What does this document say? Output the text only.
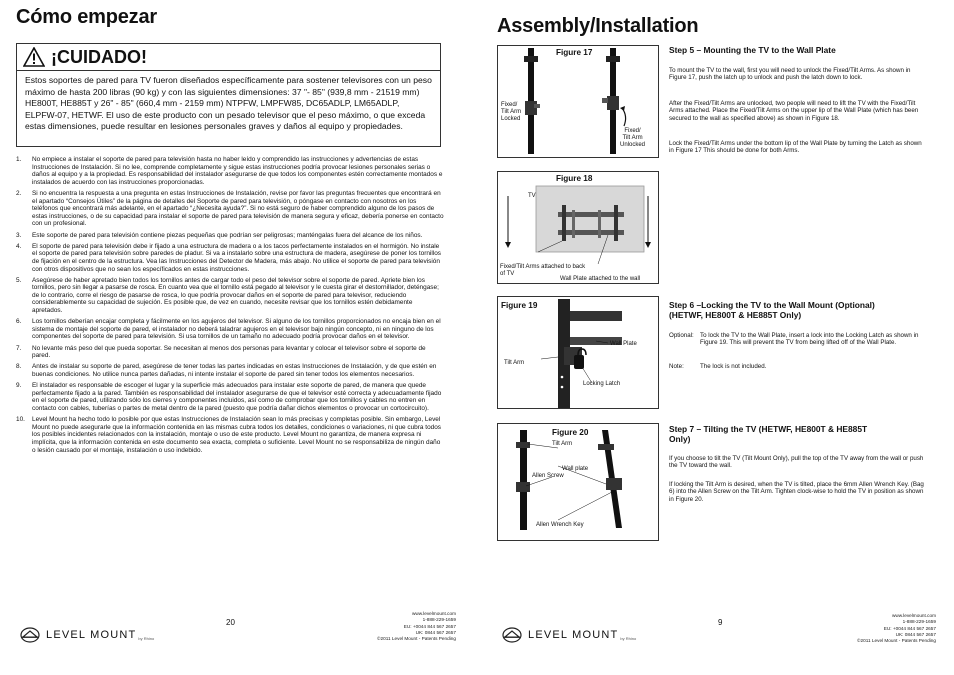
Cómo empezar
¡CUIDADO!
Estos soportes de pared para TV fueron diseñados específicamente para sostener televisores con un peso máximo de hasta 200 libras (90 kg) y con las siguientes dimensiones: 37 "- 85" (939,8 mm - 21519 mm) HE800T, HE885T y 26" - 85" (660,4 mm - 2159 mm) NTPFW, LMPFW85, DC65ADLP, LM65ADLP, ELPFW-07, HETWF. El uso de este producto con un pesado televisor que el peso máximo, o que exceda estas dimensiones, puede resultar en lesiones personales graves y daños al equipo y propiedades.
1.	No empiece a instalar el soporte de pared para televisión hasta no haber leído y comprendido las instrucciones y advertencias de estas Instrucciones de Instalación. Si no lee, comprende completamente y sigue estas instrucciones podría provocar lesiones personales serias o daños al equipo y a la propiedad. Es responsabilidad del instalador asegurarse de que todos los componentes estén correctamente montados e instalados de acuerdo con las instrucciones proporcionadas.
2.	Si no encuentra la respuesta a una pregunta en estas Instrucciones de Instalación, revise por favor las preguntas frecuentes que encontrará en el apartado “Consejos Útiles” de la página de detalles del Soporte de pared para televisión, o póngase en contacto con nosotros en los teléfonos que encontrará más adelante, en el apartado “¿Necesita ayuda?”. Si no está seguro de haber comprendido alguno de los pasos de estas instrucciones, o de su capacidad para instalar el soporte de pared para televisión de manera segura y eficaz, debería ponerse en contacto con un profesional.
3.	Este soporte de pared para televisión contiene piezas pequeñas que podrían ser peligrosas; manténgalas fuera del alcance de los niños.
4.	El soporte de pared para televisión debe ir fijado a una estructura de madera o a los tacos perfectamente instalados en el hormigón. No instale el soporte de pared para televisión sobre paredes de pladur. Si va a instalarlo sobre una estructura de madera, asegúrese de poner los tornillos de fijación en el centro de la estructura. Vea las Instrucciones del Detector de Madera, más abajo. No utilice el soporte de pared para televisión con otros dispositivos que no sean los específicados en estas instrucciones.
5.	Asegúrese de haber apretado bien todos los tornillos antes de cargar todo el peso del televisor sobre el soporte de pared. Apriete bien los tornillos, pero sin llegar a pasarse de rosca. En cuanto vea que el tornillo está pegado al televisor y le cuesta girar el destornillador, deténgase; de lo contrario, corre el riesgo de pasarse de rosca, lo que podría provocar daños en el soporte de pared para televisor, reduciendo considerablemente su capacidad de sujeción. Es posible que, de vez en cuando, necesite revisar que los tornillos estén debidamente apretados.
6.	Los tornillos deberían encajar completa y fácilmente en los agujeros del televisor. Si alguno de los tornillos proporcionados no encaja bien en el sistema de montaje del soporte de pared, el instalador no deberá taladrar agujeros en el televisor bajo ningún concepto, ni en ninguno de los componentes del soporte de pared para televisión. Si usa tornillos de un tamaño no adecuado podría provocar daños en el televisor.
7.	No levante más peso del que pueda soportar. Se necesitan al menos dos personas para levantar y colocar el televisor sobre el soporte de pared.
8.	Antes de instalar su soporte de pared, asegúrese de tener todas las partes indicadas en estas Instrucciones de Instalación, y de que estén en buenas condiciones. No utilice nunca partes dañadas, ni intente instalar el soporte de pared sin tener todos los elementos necesarios.
9.	El instalador es responsable de escoger el lugar y la superficie más adecuados para instalar este soporte de pared, de manera que quede perfectamente fijado a la pared. También es responsabilidad del instalador asegurarse de que el televisor esté correcta y adecuadamente fijado en el soporte de pared, utilizando sólo los cierres y componentes incluidos, así como de comprobar que los tornillos y cables no entren en contacto con cables, tuberías o partes de metal dentro de la pared (puesto que podría dañar dichos elementos o provocar un cortocircuito).
10.	Level Mount ha hecho todo lo posible por que estas Instrucciones de Instalación sean lo más precisas y completas posible. Sin embargo, Level Mount no puede asegurarle que la información contenida en las mismas cubra todos los detalles, condiciones o variaciones, ni que cubra todos los posibles incidentes relacionados con la instalación, montaje o uso de este producto. Level Mount no garantiza, de manera expresa ni implícita, que la información contenida en este documento sea exacta, completa o suficiente. Level Mount no se responsabiliza de ningún daño o lesión causado por el montaje, instalación o uso indebido.
20
LEVEL MOUNT by Rhino
www.levelmount.com
1-888-229-1659
EU: +0044 844 567 2657
UK: 0844 567 2657
©2011 Level Mount - Patents Pending
Assembly/Installation
Figure 17
Fixed/
Tilt Arm
Locked
Fixed/
Tilt Arm
Unlocked
Figure 18
TV
Fixed/Tilt Arms attached to back
of TV
Wall Plate attached to the wall
Figure 19
Tilt Arm
Wall Plate
Locking Latch
Figure 20
Tilt Arm
Wall plate
Allen Screw
Allen Wrench Key
Step 5 – Mounting the TV to the Wall Plate
To mount the TV to the wall, first you will need to unlock the Fixed/Tilt Arms. As shown in Figure 17, push the latch up to unlock and push the latch down to lock.
After the Fixed/Tilt Arms are unlocked, two people will need to lift the TV with the Fixed/Tilt Arms attached. Place the Fixed/Tilt Arms on the upper lip of the Wall Plate (which has been secured to the wall as specified above) as shown in Figure 18.
Lock the Fixed/Tilt Arms under the bottom lip of the Wall Plate by turning the Latch as shown in Figure 17 This should be done for both Arms.
Step 6 –Locking the TV to the Wall Mount (Optional)
(HETWF, HE800T & HE885T Only)
Optional: To lock the TV to the Wall Plate, insert a lock into the Locking Latch as shown in Figure 19. This will prevent the TV from being lifted off of the Wall Plate.
Note:	The lock is not included.
Step 7 – Tilting the TV (HETWF, HE800T & HE885T
Only)
If you choose to tilt the TV (Tilt Mount Only), pull the top of the TV away from the wall or push the TV toward the wall.
If locking the Tilt Arm is desired, when the TV is tilted, place the 6mm Allen Wrench Key. (Bag 6) into the Allen Screw on the Tilt Arm. Tighten clock-wise to hold the TV in position as shown in Figure 20.
9
LEVEL MOUNT by Rhino
www.levelmount.com
1-888-229-1659
EU: +0044 844 567 2657
UK: 0844 567 2657
©2011 Level Mount - Patents Pending
